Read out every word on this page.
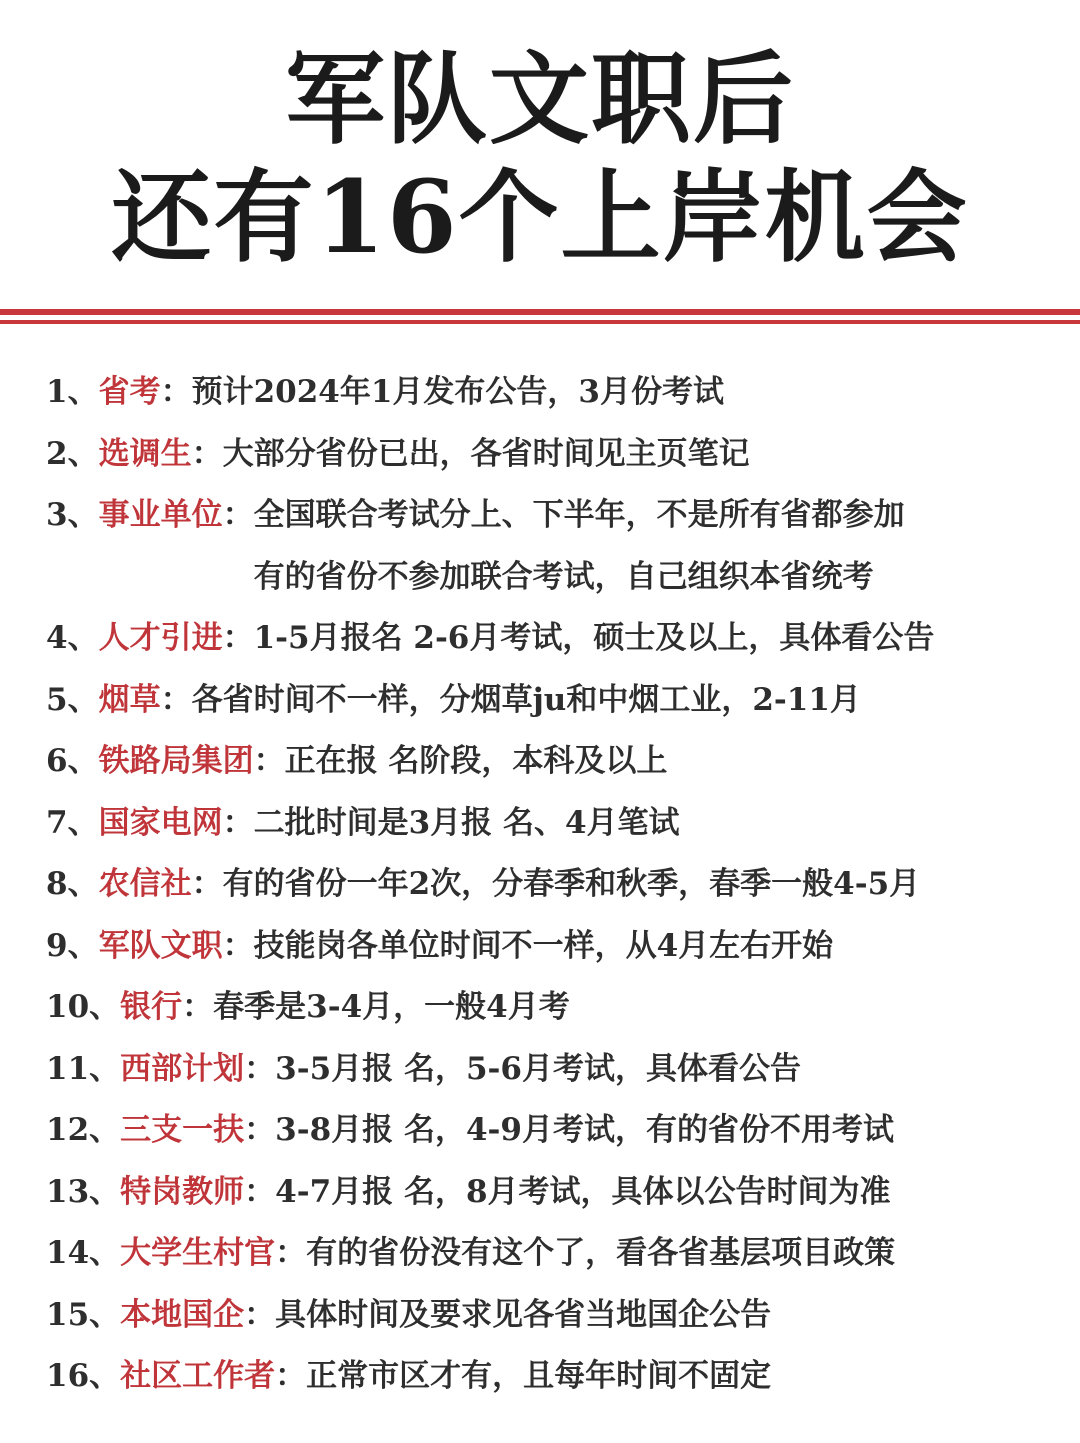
军队文职后
还有16个上岸机会
1、 省考 ： 预计2024年1月发布公告，3月份考试
2、 选调生 ： 大部分省份已出，各省时间见主页笔记
3、 事业单位 ： 全国联合考试分上、下半年，不是所有省都参加
有的省份不参加联合考试，自己组织本省统考
4、 人才引进 ： 1-5月报名 2-6月考试，硕士及以上，具体看公告
5、 烟草 ： 各省时间不一样，分烟草ju和中烟工业，2-11月
6、 铁路局集团 ： 正在报 名阶段，本科及以上
7、 国家电网 ： 二批时间是3月报 名、4月笔试
8、 农信社 ： 有的省份一年2次，分春季和秋季，春季一般4-5月
9、 军队文职 ： 技能岗各单位时间不一样，从4月左右开始
10、 银行 ： 春季是3-4月，一般4月考
11、 西部计划 ： 3-5月报 名，5-6月考试，具体看公告
12、 三支一扶 ： 3-8月报 名，4-9月考试，有的省份不用考试
13、 特岗教师 ： 4-7月报 名，8月考试，具体以公告时间为准
14、 大学生村官 ： 有的省份没有这个了，看各省基层项目政策
15、 本地国企 ： 具体时间及要求见各省当地国企公告
16、 社区工作者 ： 正常市区才有，且每年时间不固定
